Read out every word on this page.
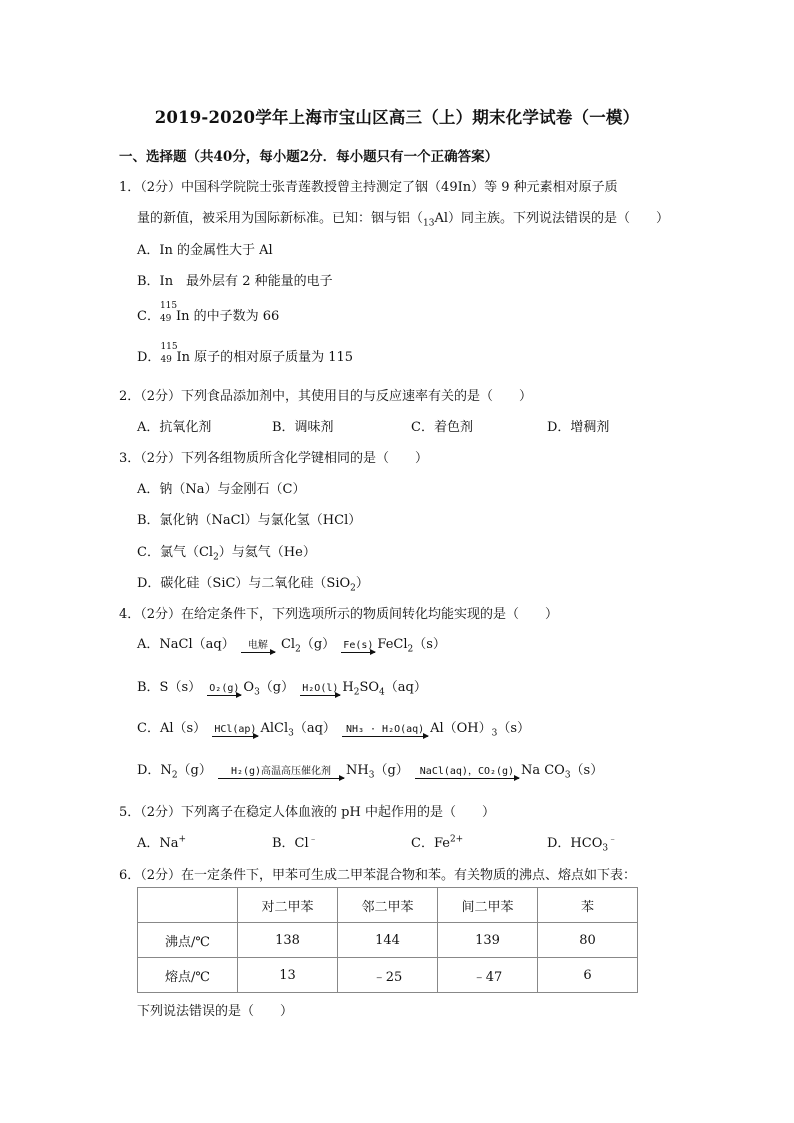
2019-2020学年上海市宝山区高三（上）期末化学试卷（一模）
一、选择题（共40分，每小题2分．每小题只有一个正确答案）
1．（2分）中国科学院院士张青莲教授曾主持测定了铟（49In）等 9 种元素相对原子质
量的新值，被采用为国际新标准。已知：铟与铝$(_{13}Al)$同主族。下列说法错误的是（　　）
A．In 的金属性大于 Al
B．In　最外层有 2 种能量的电子
C．
115
49 In 的中子数为 66
D．
115
49 In 原子的相对原子质量为 115
2．（2分）下列食品添加剂中，其使用目的与反应速率有关的是（　　）
A．抗氧化剂	B．调味剂	C．着色剂	D．增稠剂
3．（2分）下列各组物质所含化学键相同的是（　　）
A．钠（Na）与金刚石（C）
B．氯化钠（NaCl）与氯化氢（HCl）
C．氯气$(Cl_2)$与氦气（He）
D．碳化硅（SiC）与二氧化硅（SiO$_2$）
4．（2分）在给定条件下，下列选项所示的物质间转化均能实现的是（　　）
A．NaCl（aq）	电解	$Cl_2(g)$ Fe(s) FeCl$_2$（s）
B．S（s） O₂(g) $O_3(g)$ H₂O(l) $H_2SO_4(aq)$
C．Al（s） HCl(ap) AlCl$_3$（aq）	NH₃ · H₂O(aq) $Al(OH)_3(s)$
D．$N_2(g)$	H₂(g)高温高压催化剂	$NH_3(g)$	NaCl(aq)，CO₂(g) Na $CO_3(s)$
5．（2分）下列离子在稳定人体血液的 pH 中起作用的是（　　）
A．Na+	B．Cl﹣	C．$Fe^{2+}$	D．$HCO_3^﹣$
6．（2分）在一定条件下，甲苯可生成二甲苯混合物和苯。有关物质的沸点、熔点如下表：
	对二甲苯	邻二甲苯	间二甲苯	苯
沸点/℃	138	144	139	80
熔点/℃	13	﹣25	﹣47	6
下列说法错误的是（　　）
